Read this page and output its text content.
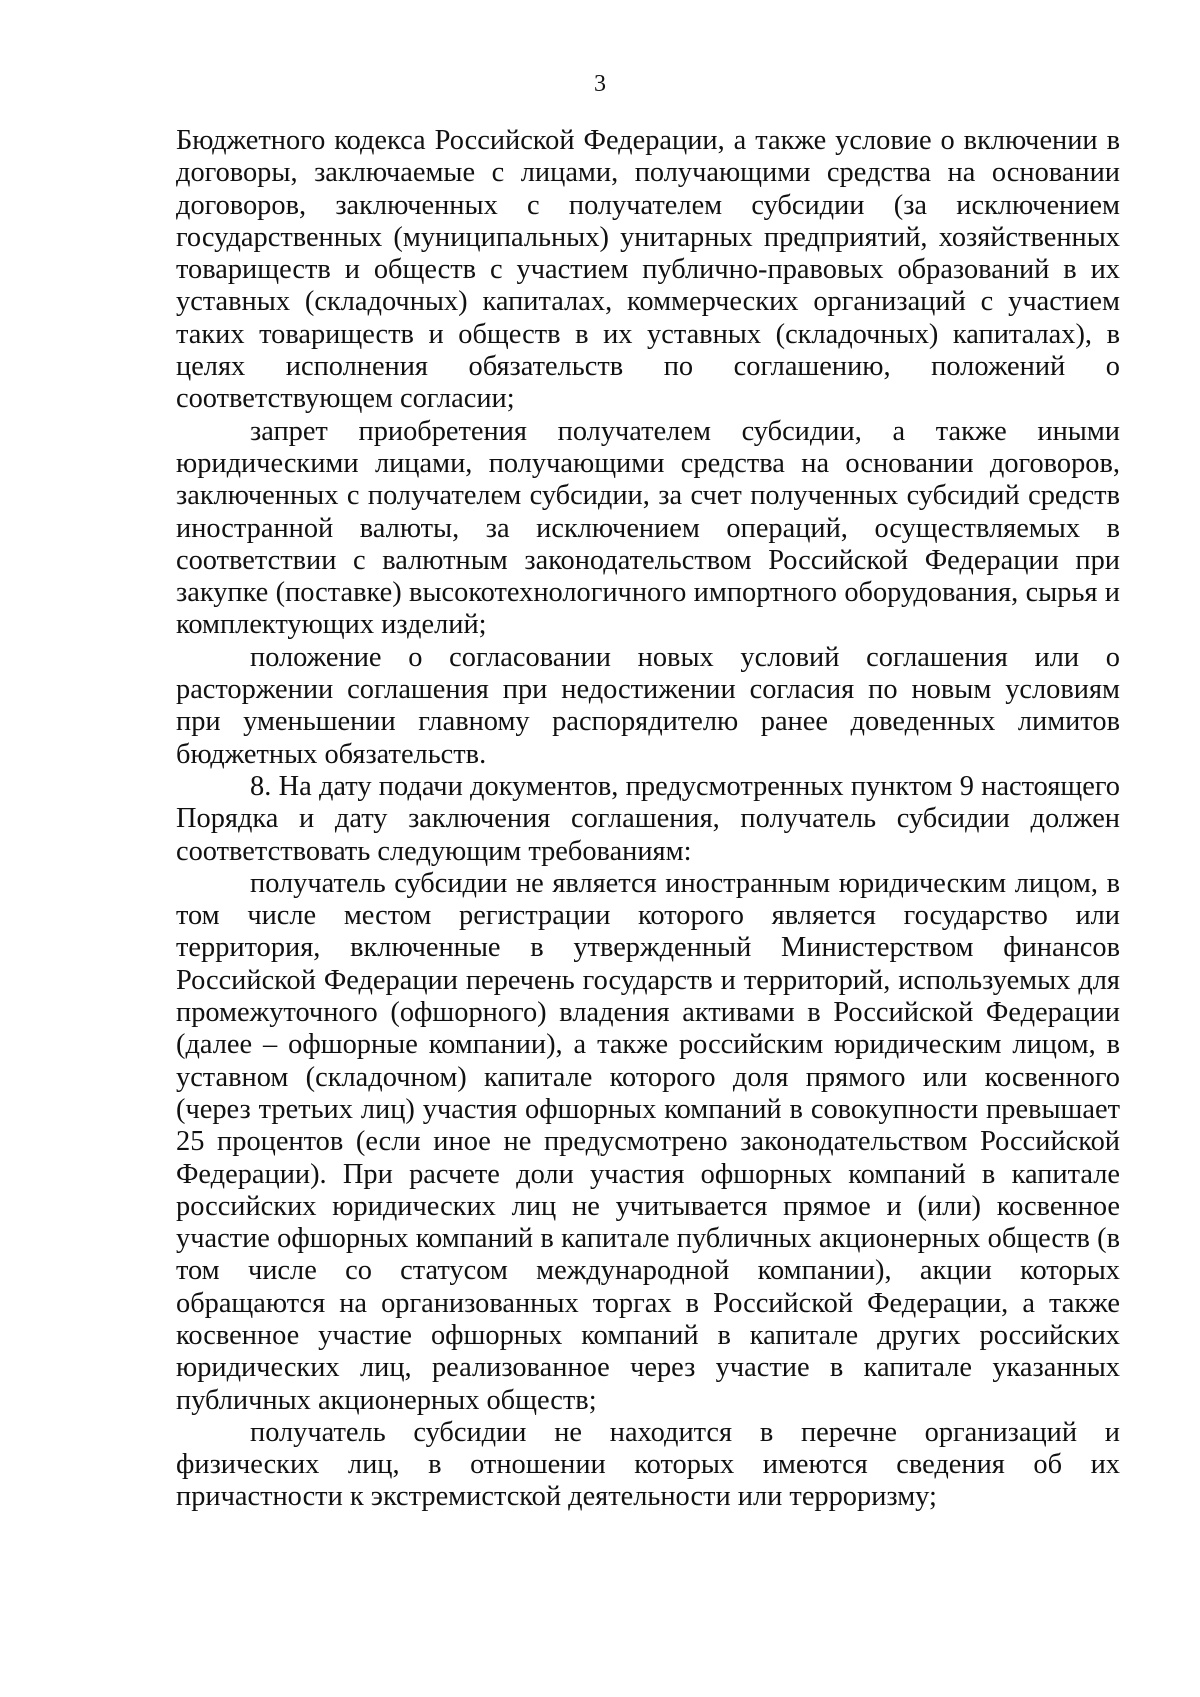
3

Бюджетного кодекса Российской Федерации, а также условие о включении в договоры, заключаемые с лицами, получающими средства на основании договоров, заключенных с получателем субсидии (за исключением государственных (муниципальных) унитарных предприятий, хозяйственных товариществ и обществ с участием публично-правовых образований в их уставных (складочных) капиталах, коммерческих организаций с участием таких товариществ и обществ в их уставных (складочных) капиталах), в целях исполнения обязательств по соглашению, положений о соответствующем согласии;

запрет приобретения получателем субсидии, а также иными юридическими лицами, получающими средства на основании договоров, заключенных с получателем субсидии, за счет полученных субсидий средств иностранной валюты, за исключением операций, осуществляемых в соответствии с валютным законодательством Российской Федерации при закупке (поставке) высокотехнологичного импортного оборудования, сырья и комплектующих изделий;

положение о согласовании новых условий соглашения или о расторжении соглашения при недостижении согласия по новым условиям при уменьшении главному распорядителю ранее доведенных лимитов бюджетных обязательств.

8. На дату подачи документов, предусмотренных пунктом 9 настоящего Порядка и дату заключения соглашения, получатель субсидии должен соответствовать следующим требованиям:

получатель субсидии не является иностранным юридическим лицом, в том числе местом регистрации которого является государство или территория, включенные в утвержденный Министерством финансов Российской Федерации перечень государств и территорий, используемых для промежуточного (офшорного) владения активами в Российской Федерации (далее – офшорные компании), а также российским юридическим лицом, в уставном (складочном) капитале которого доля прямого или косвенного (через третьих лиц) участия офшорных компаний в совокупности превышает 25 процентов (если иное не предусмотрено законодательством Российской Федерации). При расчете доли участия офшорных компаний в капитале российских юридических лиц не учитывается прямое и (или) косвенное участие офшорных компаний в капитале публичных акционерных обществ (в том числе со статусом международной компании), акции которых обращаются на организованных торгах в Российской Федерации, а также косвенное участие офшорных компаний в капитале других российских юридических лиц, реализованное через участие в капитале указанных публичных акционерных обществ;

получатель субсидии не находится в перечне организаций и физических лиц, в отношении которых имеются сведения об их причастности к экстремистской деятельности или терроризму;
